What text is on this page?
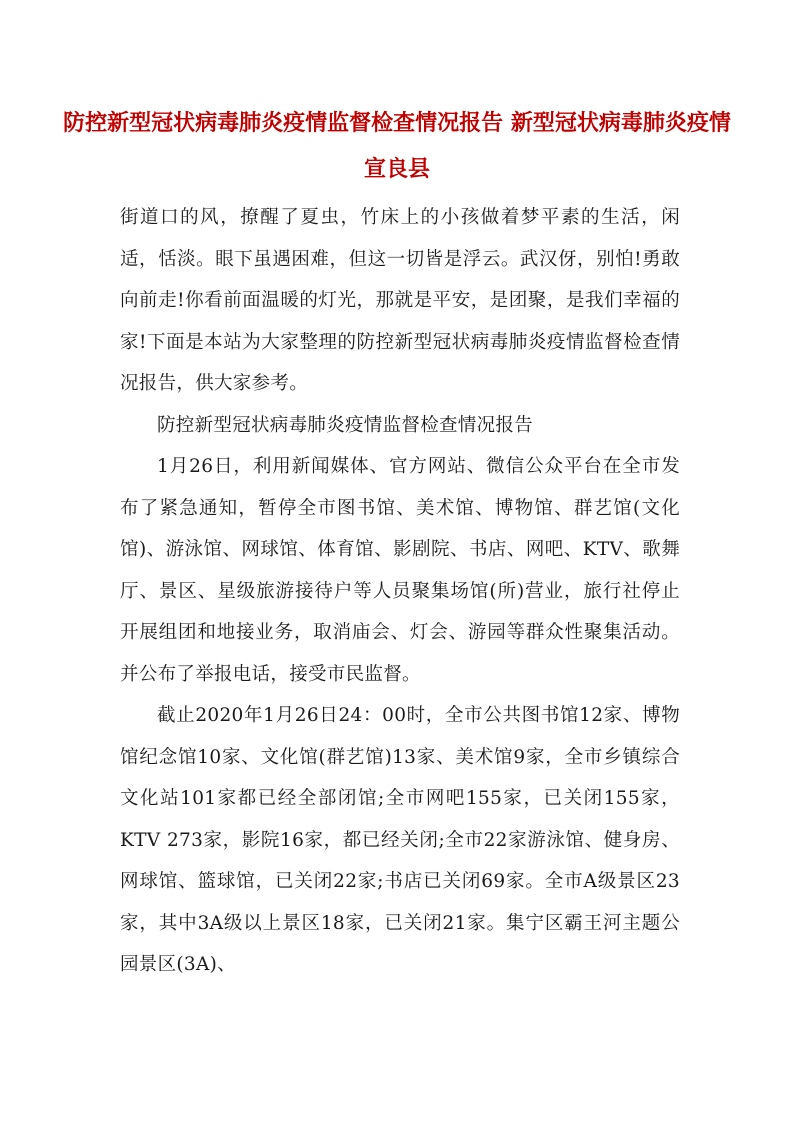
防控新型冠状病毒肺炎疫情监督检查情况报告 新型冠状病毒肺炎疫情宣良县

街道口的风，撩醒了夏虫，竹床上的小孩做着梦平素的生活，闲适，恬淡。眼下虽遇困难，但这一切皆是浮云。武汉伢，别怕!勇敢向前走!你看前面温暖的灯光，那就是平安，是团聚，是我们幸福的家!下面是本站为大家整理的防控新型冠状病毒肺炎疫情监督检查情况报告，供大家参考。

防控新型冠状病毒肺炎疫情监督检查情况报告

1月26日，利用新闻媒体、官方网站、微信公众平台在全市发布了紧急通知，暂停全市图书馆、美术馆、博物馆、群艺馆(文化馆)、游泳馆、网球馆、体育馆、影剧院、书店、网吧、KTV、歌舞厅、景区、星级旅游接待户等人员聚集场馆(所)营业，旅行社停止开展组团和地接业务，取消庙会、灯会、游园等群众性聚集活动。并公布了举报电话，接受市民监督。

截止2020年1月26日24：00时，全市公共图书馆12家、博物馆纪念馆10家、文化馆(群艺馆)13家、美术馆9家，全市乡镇综合文化站101家都已经全部闭馆;全市网吧155家，已关闭155家，KTV 273家，影院16家，都已经关闭;全市22家游泳馆、健身房、网球馆、篮球馆，已关闭22家;书店已关闭69家。全市A级景区23家，其中3A级以上景区18家，已关闭21家。集宁区霸王河主题公园景区(3A)、
